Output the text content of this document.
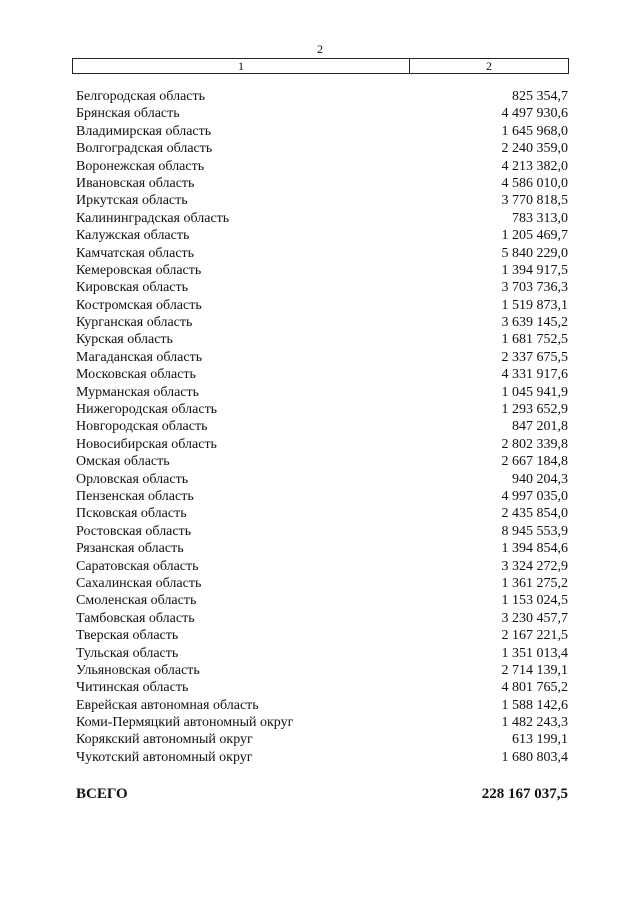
2
1	2
Белгородская область	825 354,7
Брянская область	4 497 930,6
Владимирская область	1 645 968,0
Волгоградская область	2 240 359,0
Воронежская область	4 213 382,0
Ивановская область	4 586 010,0
Иркутская область	3 770 818,5
Калининградская область	783 313,0
Калужская область	1 205 469,7
Камчатская область	5 840 229,0
Кемеровская область	1 394 917,5
Кировская область	3 703 736,3
Костромская область	1 519 873,1
Курганская область	3 639 145,2
Курская область	1 681 752,5
Магаданская область	2 337 675,5
Московская область	4 331 917,6
Мурманская область	1 045 941,9
Нижегородская область	1 293 652,9
Новгородская область	847 201,8
Новосибирская область	2 802 339,8
Омская область	2 667 184,8
Орловская область	940 204,3
Пензенская область	4 997 035,0
Псковская область	2 435 854,0
Ростовская область	8 945 553,9
Рязанская область	1 394 854,6
Саратовская область	3 324 272,9
Сахалинская область	1 361 275,2
Смоленская область	1 153 024,5
Тамбовская область	3 230 457,7
Тверская область	2 167 221,5
Тульская область	1 351 013,4
Ульяновская область	2 714 139,1
Читинская область	4 801 765,2
Еврейская автономная область	1 588 142,6
Коми-Пермяцкий автономный округ	1 482 243,3
Корякский автономный округ	613 199,1
Чукотский автономный округ	1 680 803,4
ВСЕГО	228 167 037,5
